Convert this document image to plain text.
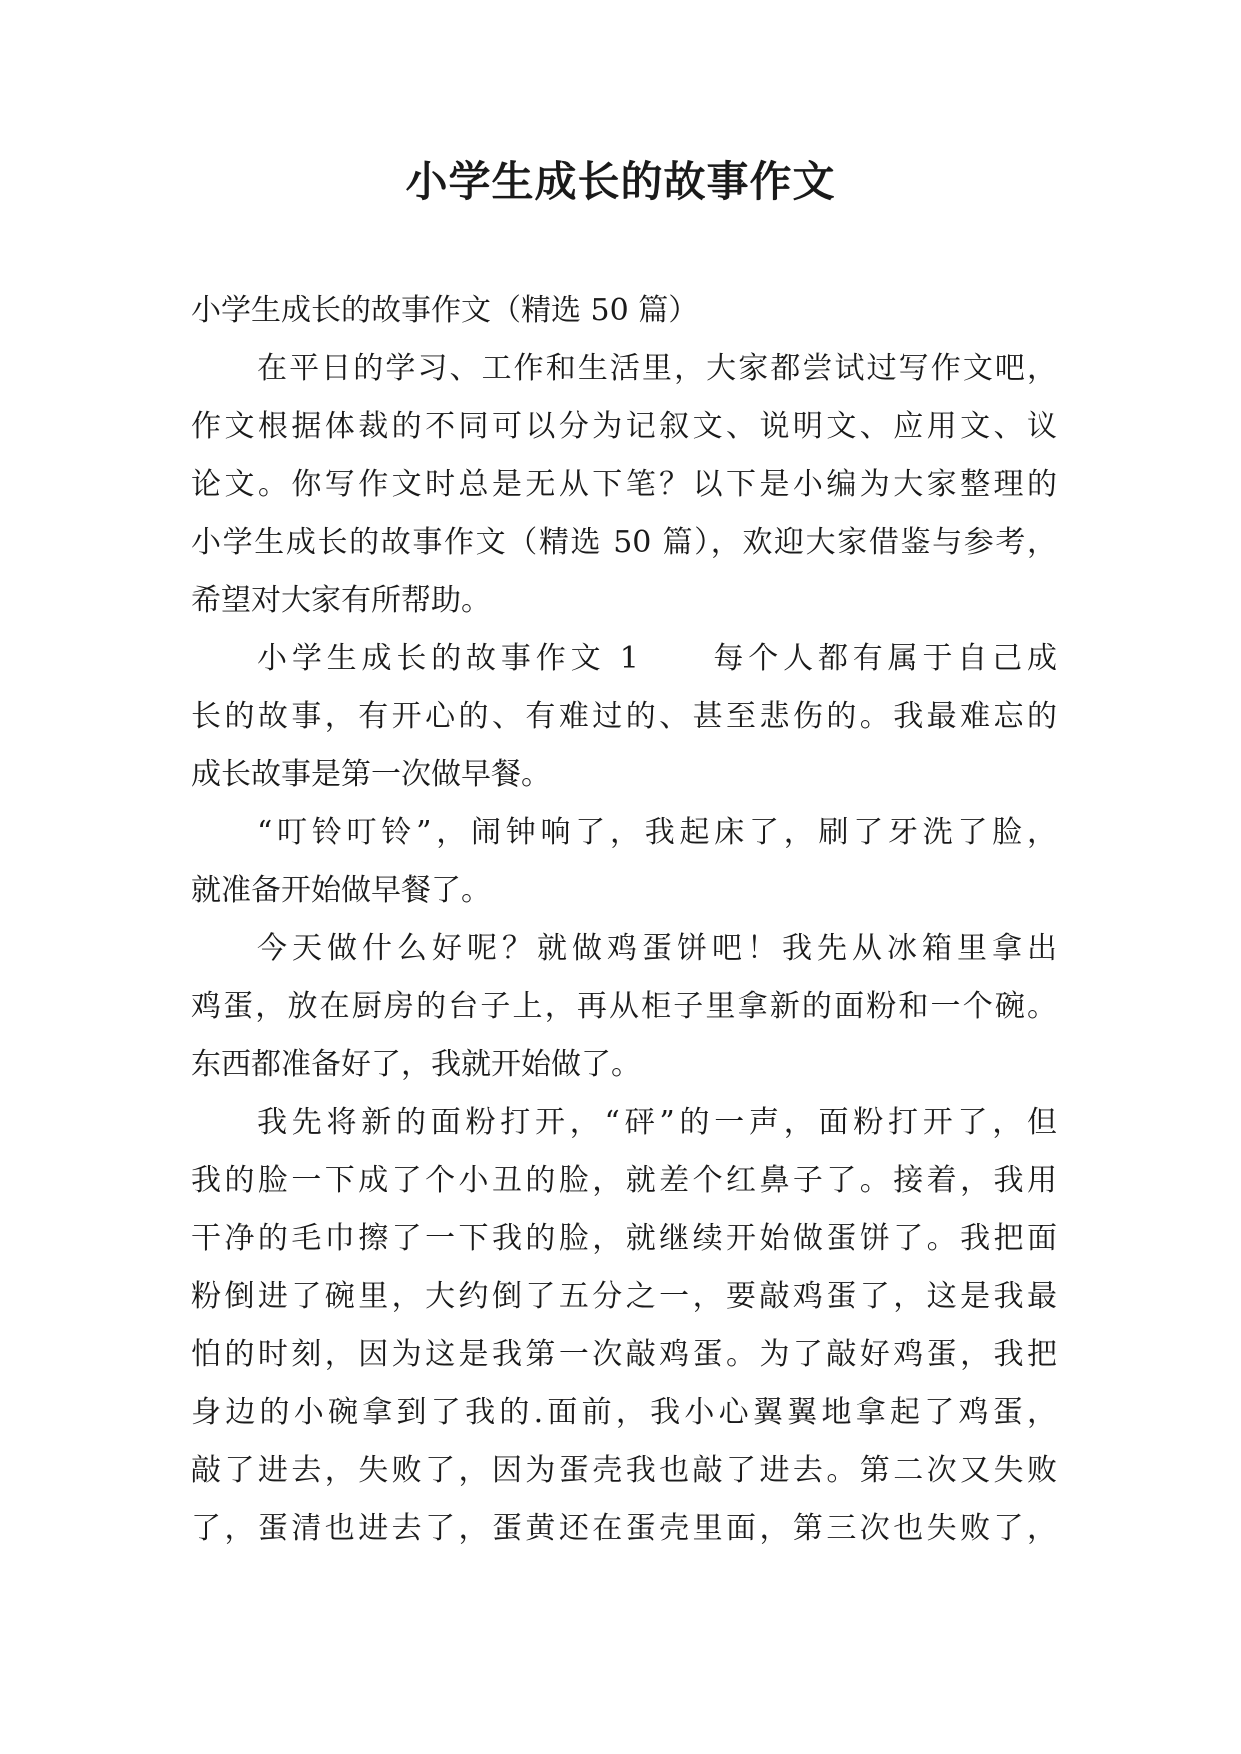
小学生成长的故事作文
小学生成长的故事作文（精选 50 篇）
在平日的学习、工作和生活里，大家都尝试过写作文吧，
作文根据体裁的不同可以分为记叙文、说明文、应用文、议
论文。你写作文时总是无从下笔？以下是小编为大家整理的
小学生成长的故事作文（精选 50 篇），欢迎大家借鉴与参考，
希望对大家有所帮助。
小学生成长的故事作文 1　　每个人都有属于自己成
长的故事，有开心的、有难过的、甚至悲伤的。我最难忘的
成长故事是第一次做早餐。
“叮铃叮铃”，闹钟响了，我起床了，刷了牙洗了脸，
就准备开始做早餐了。
今天做什么好呢？就做鸡蛋饼吧！我先从冰箱里拿出
鸡蛋，放在厨房的台子上，再从柜子里拿新的面粉和一个碗。
东西都准备好了，我就开始做了。
我先将新的面粉打开，“砰”的一声，面粉打开了，但
我的脸一下成了个小丑的脸，就差个红鼻子了。接着，我用
干净的毛巾擦了一下我的脸，就继续开始做蛋饼了。我把面
粉倒进了碗里，大约倒了五分之一，要敲鸡蛋了，这是我最
怕的时刻，因为这是我第一次敲鸡蛋。为了敲好鸡蛋，我把
身边的小碗拿到了我的.面前，我小心翼翼地拿起了鸡蛋，
敲了进去，失败了，因为蛋壳我也敲了进去。第二次又失败
了，蛋清也进去了，蛋黄还在蛋壳里面，第三次也失败了，
